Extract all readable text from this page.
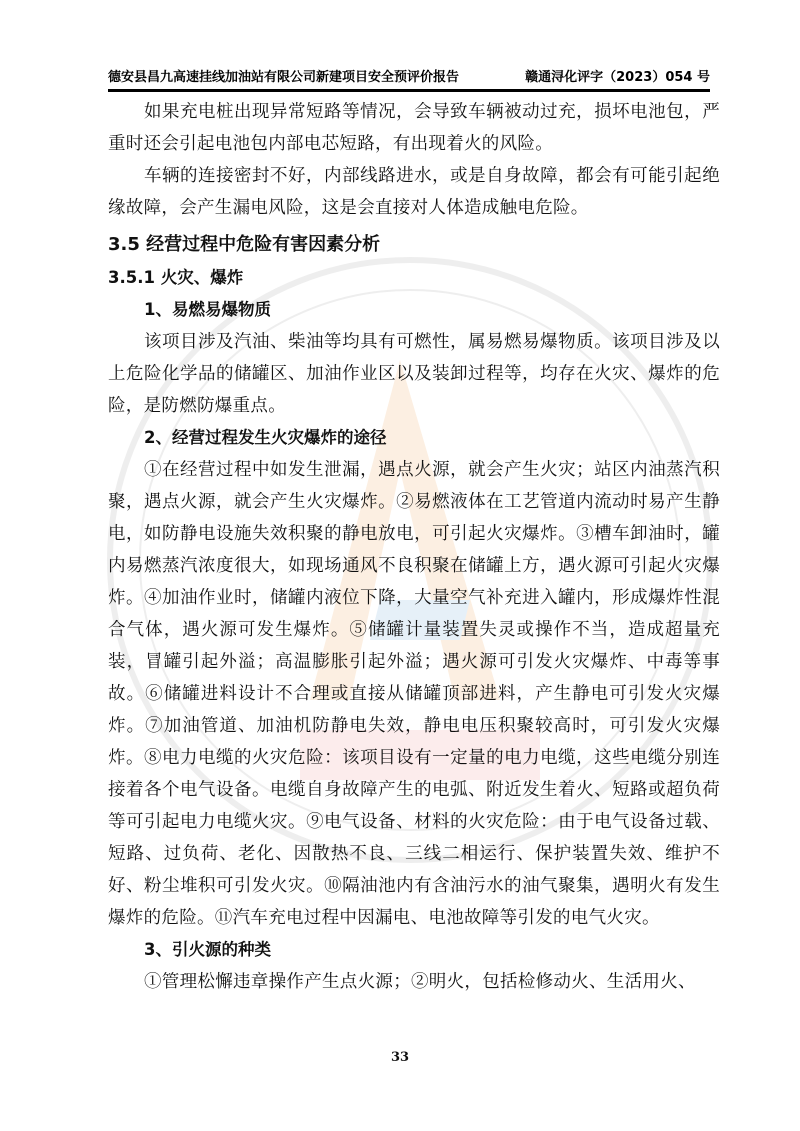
德安县昌九高速挂线加油站有限公司新建项目安全预评价报告	赣通浔化评字（2023）054 号

如果充电桩出现异常短路等情况，会导致车辆被动过充，损坏电池包，严重时还会引起电池包内部电芯短路，有出现着火的风险。

车辆的连接密封不好，内部线路进水，或是自身故障，都会有可能引起绝缘故障，会产生漏电风险，这是会直接对人体造成触电危险。

3.5 经营过程中危险有害因素分析
3.5.1 火灾、爆炸
1、易燃易爆物质

该项目涉及汽油、柴油等均具有可燃性，属易燃易爆物质。该项目涉及以上危险化学品的储罐区、加油作业区以及装卸过程等，均存在火灾、爆炸的危险，是防燃防爆重点。

2、经营过程发生火灾爆炸的途径

①在经营过程中如发生泄漏，遇点火源，就会产生火灾；站区内油蒸汽积聚，遇点火源，就会产生火灾爆炸。②易燃液体在工艺管道内流动时易产生静电，如防静电设施失效积聚的静电放电，可引起火灾爆炸。③槽车卸油时，罐内易燃蒸汽浓度很大，如现场通风不良积聚在储罐上方，遇火源可引起火灾爆炸。④加油作业时，储罐内液位下降，大量空气补充进入罐内，形成爆炸性混合气体，遇火源可发生爆炸。⑤储罐计量装置失灵或操作不当，造成超量充装，冒罐引起外溢；高温膨胀引起外溢；遇火源可引发火灾爆炸、中毒等事故。⑥储罐进料设计不合理或直接从储罐顶部进料，产生静电可引发火灾爆炸。⑦加油管道、加油机防静电失效，静电电压积聚较高时，可引发火灾爆炸。⑧电力电缆的火灾危险：该项目设有一定量的电力电缆，这些电缆分别连接着各个电气设备。电缆自身故障产生的电弧、附近发生着火、短路或超负荷等可引起电力电缆火灾。⑨电气设备、材料的火灾危险：由于电气设备过载、短路、过负荷、老化、因散热不良、三线二相运行、保护装置失效、维护不好、粉尘堆积可引发火灾。⑩隔油池内有含油污水的油气聚集，遇明火有发生爆炸的危险。⑪汽车充电过程中因漏电、电池故障等引发的电气火灾。

3、引火源的种类

①管理松懈违章操作产生点火源；②明火，包括检修动火、生活用火、

33
